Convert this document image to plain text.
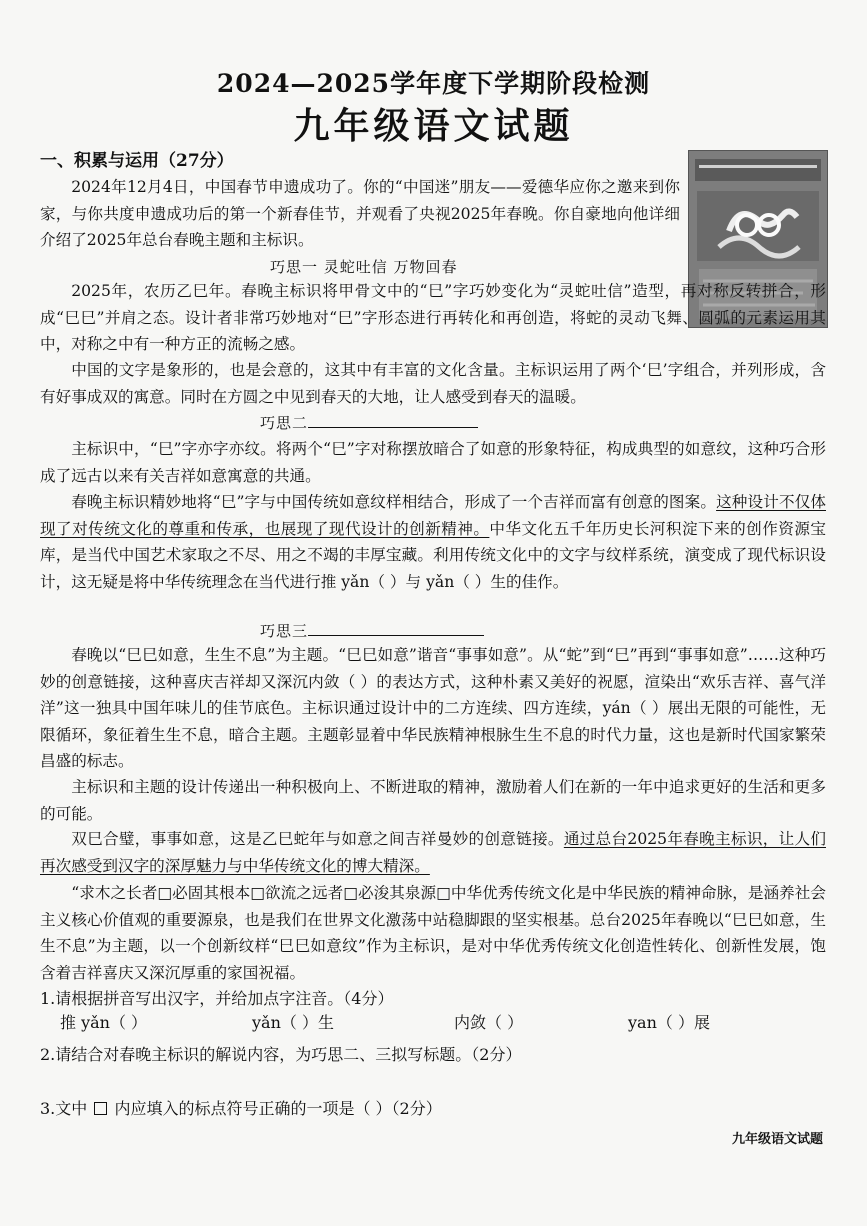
2024—2025学年度下学期阶段检测
九年级语文试题
一、积累与运用（27分）

2024年12月4日，中国春节申遗成功了。你的“中国迷”朋友——爱德华应你之邀来到你家，与你共度申遗成功后的第一个新春佳节，并观看了央视2025年春晚。你自豪地向他详细介绍了2025年总台春晚主题和主标识。

巧思一 灵蛇吐信 万物回春

2025年，农历乙巳年。春晚主标识将甲骨文中的“巳”字巧妙变化为“灵蛇吐信”造型，再对称反转拼合，形成“巳巳”并肩之态。设计者非常巧妙地对“巳”字形态进行再转化和再创造，将蛇的灵动飞舞、圆弧的元素运用其中，对称之中有一种方正的流畅之感。

中国的文字是象形的，也是会意的，这其中有丰富的文化含量。主标识运用了两个‘巳’字组合，并列形成，含有好事成双的寓意。同时在方圆之中见到春天的大地，让人感受到春天的温暖。

巧思二

主标识中，“巳”字亦字亦纹。将两个“巳”字对称摆放暗合了如意的形象特征，构成典型的如意纹，这种巧合形成了远古以来有关吉祥如意寓意的共通。

春晚主标识精妙地将“巳”字与中国传统如意纹样相结合，形成了一个吉祥而富有创意的图案。这种设计不仅体现了对传统文化的尊重和传承，也展现了现代设计的创新精神。中华文化五千年历史长河积淀下来的创作资源宝库，是当代中国艺术家取之不尽、用之不竭的丰厚宝藏。利用传统文化中的文字与纹样系统，演变成了现代标识设计，这无疑是将中华传统理念在当代进行推 yǎn（ ）与 yǎn（ ）生的佳作。

巧思三

春晚以“巳巳如意，生生不息”为主题。“巳巳如意”谐音“事事如意”。从“蛇”到“巳”再到“事事如意”……这种巧妙的创意链接，这种喜庆吉祥却又深沉内敛（ ）的表达方式，这种朴素又美好的祝愿，渲染出“欢乐吉祥、喜气洋洋”这一独具中国年味儿的佳节底色。主标识通过设计中的二方连续、四方连续，yán（ ）展出无限的可能性，无限循环，象征着生生不息，暗合主题。主题彰显着中华民族精神根脉生生不息的时代力量，这也是新时代国家繁荣昌盛的标志。

主标识和主题的设计传递出一种积极向上、不断进取的精神，激励着人们在新的一年中追求更好的生活和更多的可能。

双巳合璧，事事如意，这是乙巳蛇年与如意之间吉祥曼妙的创意链接。通过总台2025年春晚主标识，让人们再次感受到汉字的深厚魅力与中华传统文化的博大精深。

“求木之长者□必固其根本□欲流之远者□必浚其泉源□中华优秀传统文化是中华民族的精神命脉，是涵养社会主义核心价值观的重要源泉，也是我们在世界文化激荡中站稳脚跟的坚实根基。总台2025年春晚以“巳巳如意，生生不息”为主题，以一个创新纹样“巳巳如意纹”作为主标识，是对中华优秀传统文化创造性转化、创新性发展，饱含着吉祥喜庆又深沉厚重的家国祝福。

1.请根据拼音写出汉字，并给加点字注音。（4分）
推 yǎn（ ）	yǎn（ ）生	内敛（ ）	yan（ ）展
2.请结合对春晚主标识的解说内容，为巧思二、三拟写标题。（2分）
3.文中 内应填入的标点符号正确的一项是（ ）（2分）
九年级语文试题
